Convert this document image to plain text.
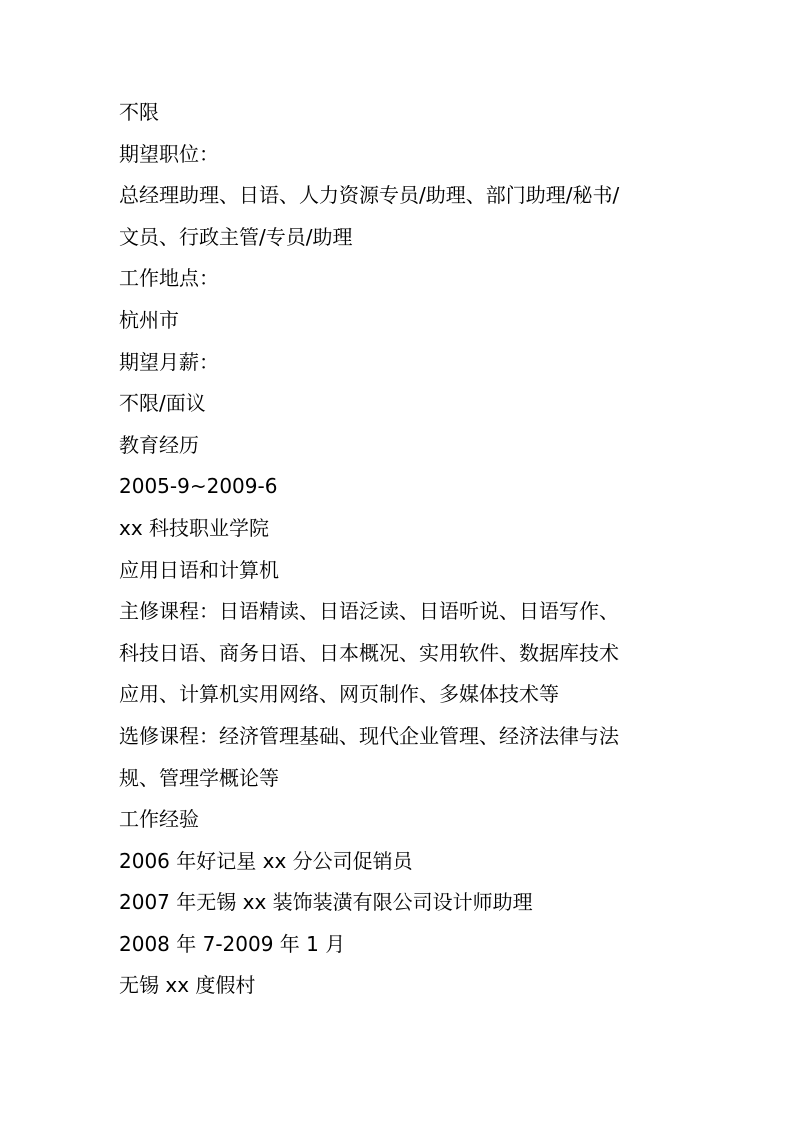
不限
期望职位：
总经理助理、日语、人力资源专员/助理、部门助理/秘书/
文员、行政主管/专员/助理
工作地点：
杭州市
期望月薪：
不限/面议
教育经历
2005-9~2009-6
xx 科技职业学院
应用日语和计算机
主修课程：日语精读、日语泛读、日语听说、日语写作、
科技日语、商务日语、日本概况、实用软件、数据库技术
应用、计算机实用网络、网页制作、多媒体技术等
选修课程：经济管理基础、现代企业管理、经济法律与法
规、管理学概论等
工作经验
2006 年好记星 xx 分公司促销员
2007 年无锡 xx 装饰装潢有限公司设计师助理
2008 年 7-2009 年 1 月
无锡 xx 度假村
